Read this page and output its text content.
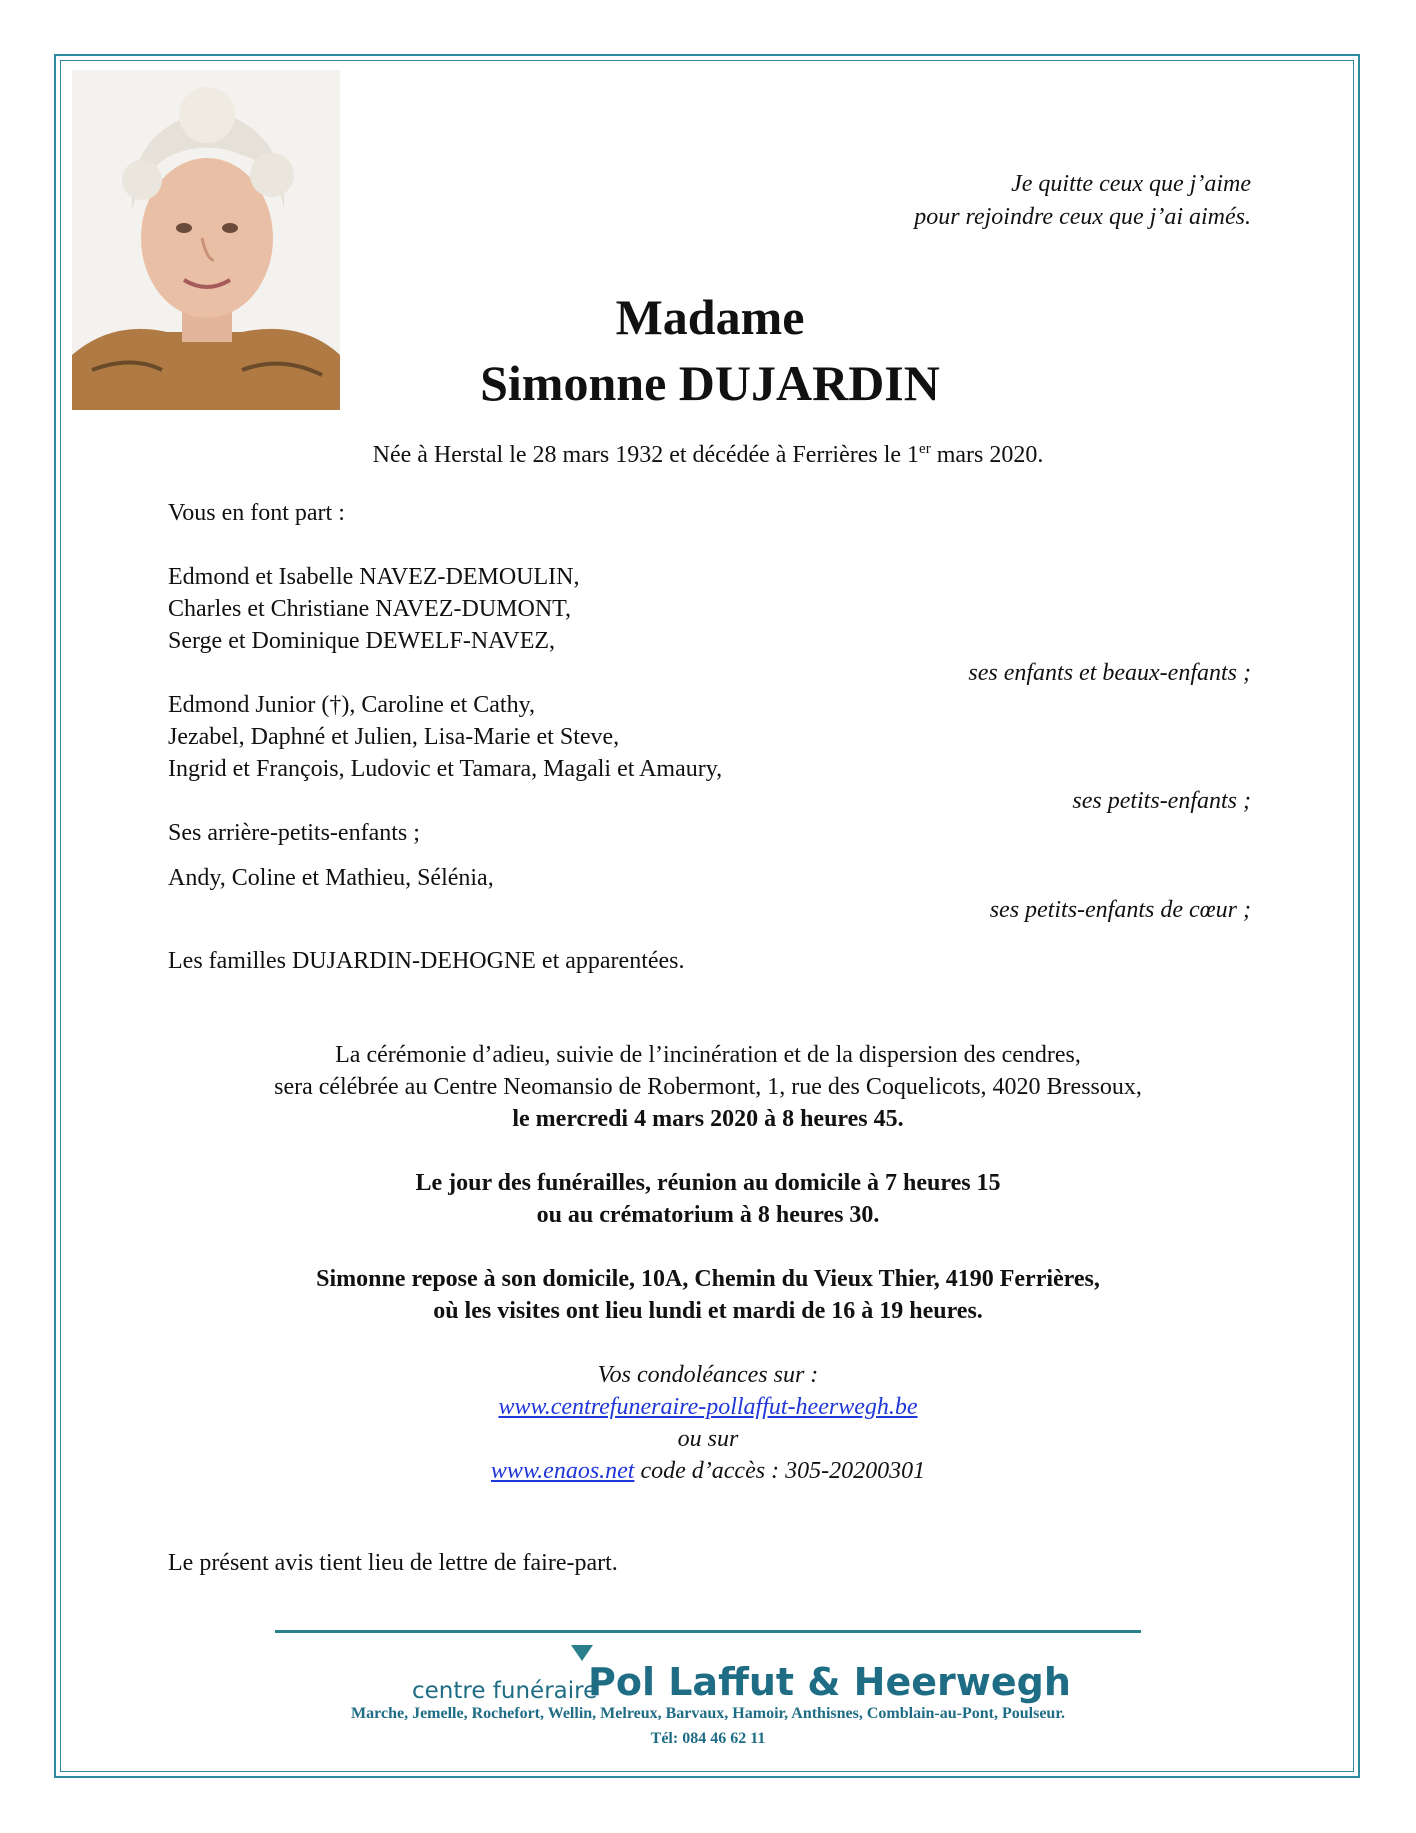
Je quitte ceux que j’aime
pour rejoindre ceux que j’ai aimés.
Madame
Simonne DUJARDIN
Née à Herstal le 28 mars 1932 et décédée à Ferrières le 1er mars 2020.
Vous en font part :
Edmond et Isabelle NAVEZ-DEMOULIN,
Charles et Christiane NAVEZ-DUMONT,
Serge et Dominique DEWELF-NAVEZ,
ses enfants et beaux-enfants ;
Edmond Junior (†), Caroline et Cathy,
Jezabel, Daphné et Julien, Lisa-Marie et Steve,
Ingrid et François, Ludovic et Tamara, Magali et Amaury,
ses petits-enfants ;
Ses arrière-petits-enfants ;
Andy, Coline et Mathieu, Sélénia,
ses petits-enfants de cœur ;
Les familles DUJARDIN-DEHOGNE et apparentées.
La cérémonie d’adieu, suivie de l’incinération et de la dispersion des cendres,
sera célébrée au Centre Neomansio de Robermont, 1, rue des Coquelicots, 4020 Bressoux,
le mercredi 4 mars 2020 à 8 heures 45.
Le jour des funérailles, réunion au domicile à 7 heures 15
ou au crématorium à 8 heures 30.
Simonne repose à son domicile, 10A, Chemin du Vieux Thier, 4190 Ferrières,
où les visites ont lieu lundi et mardi de 16 à 19 heures.
Vos condoléances sur :
www.centrefuneraire-pollaffut-heerwegh.be
ou sur
www.enaos.net code d’accès : 305-20200301
Le présent avis tient lieu de lettre de faire-part.
centre funéraire
Pol Laffut & Heerwegh
Marche, Jemelle, Rochefort, Wellin, Melreux, Barvaux, Hamoir, Anthisnes, Comblain-au-Pont, Poulseur.
Tél: 084 46 62 11
